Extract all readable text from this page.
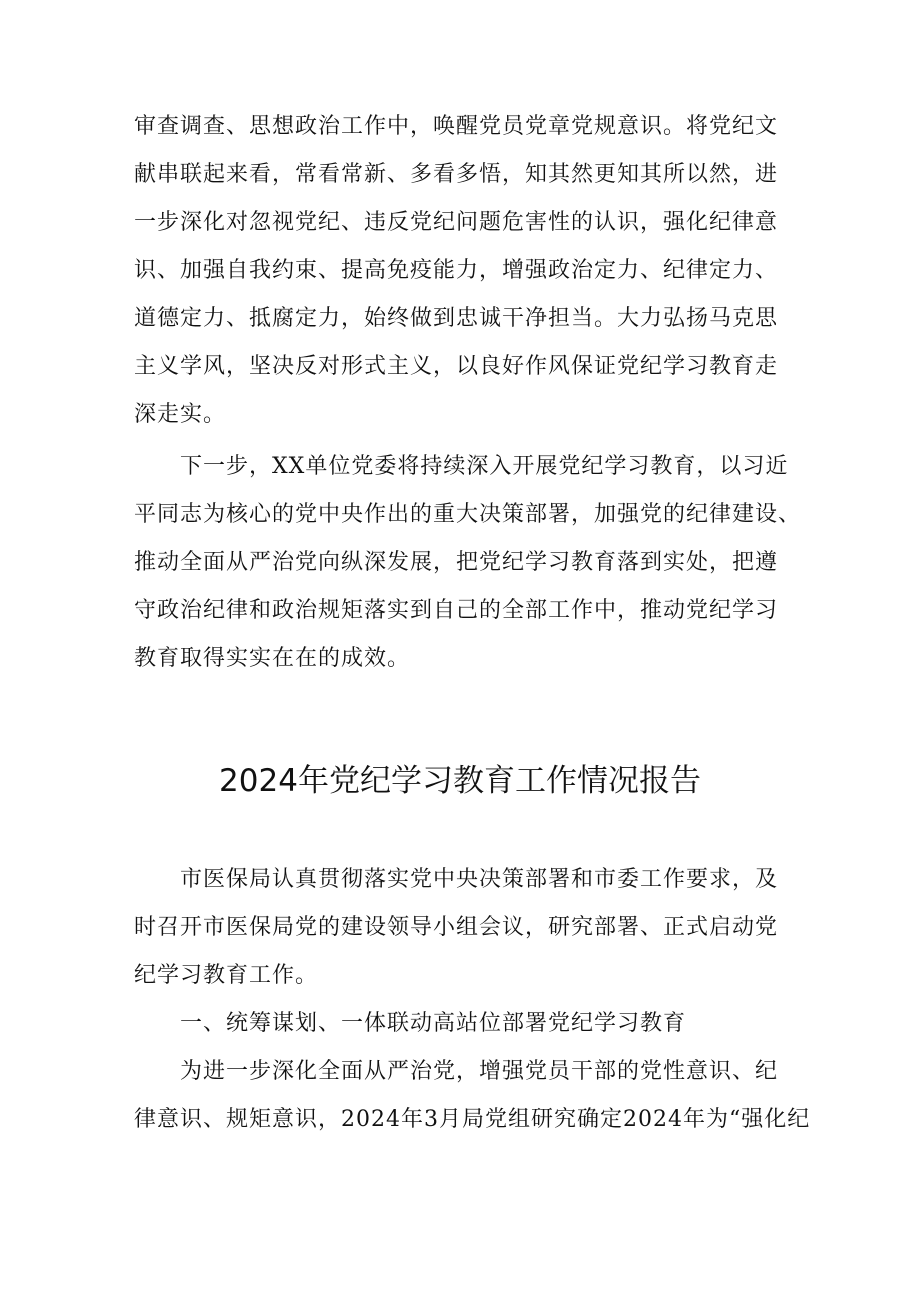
审查调查、思想政治工作中，唤醒党员党章党规意识。将党纪文
献串联起来看，常看常新、多看多悟，知其然更知其所以然，进
一步深化对忽视党纪、违反党纪问题危害性的认识，强化纪律意
识、加强自我约束、提高免疫能力，增强政治定力、纪律定力、
道德定力、抵腐定力，始终做到忠诚干净担当。大力弘扬马克思
主义学风，坚决反对形式主义，以良好作风保证党纪学习教育走
深走实。
下一步，XX单位党委将持续深入开展党纪学习教育，以习近
平同志为核心的党中央作出的重大决策部署，加强党的纪律建设、
推动全面从严治党向纵深发展，把党纪学习教育落到实处，把遵
守政治纪律和政治规矩落实到自己的全部工作中，推动党纪学习
教育取得实实在在的成效。
2024年党纪学习教育工作情况报告
市医保局认真贯彻落实党中央决策部署和市委工作要求，及
时召开市医保局党的建设领导小组会议，研究部署、正式启动党
纪学习教育工作。
一、统筹谋划、一体联动高站位部署党纪学习教育
为进一步深化全面从严治党，增强党员干部的党性意识、纪
律意识、规矩意识，2024年3月局党组研究确定2024年为“强化纪
